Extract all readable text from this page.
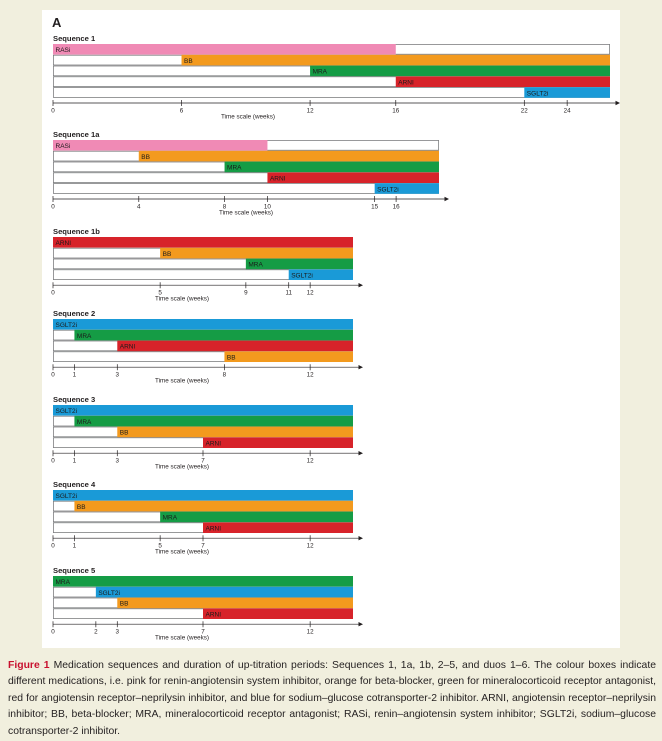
A
Sequence 1
RASi
BB
MRA
ARNI
SGLT2i
0	6	12	16	22	24
Time scale (weeks)
Sequence 1a
RASi
BB
MRA
ARNI
SGLT2i
0	4	8	10	15 16
Time scale (weeks)
Sequence 1b
ARNI
BB
MRA
SGLT2i
0	5	9	11 12
Time scale (weeks)
Sequence 2
SGLT2i
MRA
ARNI
BB
0	1	3	8	12
Time scale (weeks)
Sequence 3
SGLT2i
MRA
BB
ARNI
0	1	3	7	12
Time scale (weeks)
Sequence 4
SGLT2i
BB
MRA
ARNI
0	1	5	7	12
Time scale (weeks)
Sequence 5
MRA
SGLT2i
BB
ARNI
0	2	3	7	12
Time scale (weeks)
Figure 1 Medication sequences and duration of up-titration periods: Sequences 1, 1a, 1b, 2–5, and duos 1–6. The colour boxes indicate different medications, i.e. pink for renin-angiotensin system inhibitor, orange for beta-blocker, green for mineralocorticoid receptor antagonist, red for angiotensin receptor–neprilysin inhibitor, and blue for sodium–glucose cotransporter-2 inhibitor. ARNI, angiotensin receptor–neprilysin inhibitor; BB, beta-blocker; MRA, mineralocorticoid receptor antagonist; RASi, renin–angiotensin system inhibitor; SGLT2i, sodium–glucose cotransporter-2 inhibitor.
